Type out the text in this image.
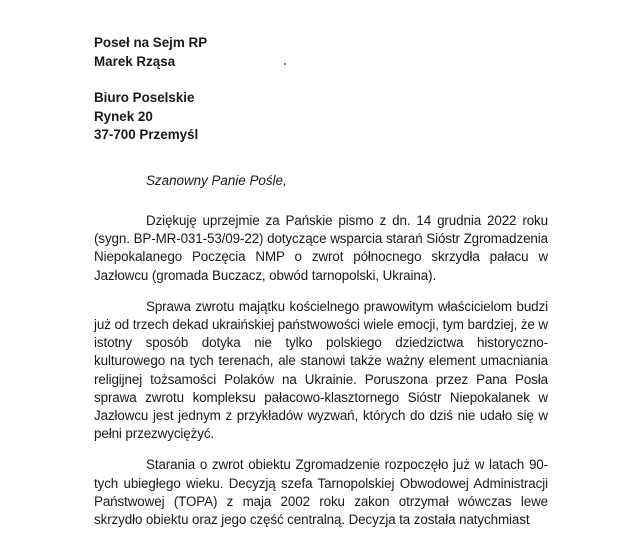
Poseł na Sejm RP
Marek Rząsa
Biuro Poselskie
Rynek 20
37-700 Przemyśl
Szanowny Panie Pośle,

Dziękuję uprzejmie za Pańskie pismo z dn. 14 grudnia 2022 roku (sygn. BP-MR-031-53/09-22) dotyczące wsparcia starań Sióstr Zgromadzenia Niepokalanego Poczęcia NMP o zwrot północnego skrzydła pałacu w Jazłowcu (gromada Buczacz, obwód tarnopolski, Ukraina).

Sprawa zwrotu majątku kościelnego prawowitym właścicielom budzi już od trzech dekad ukraińskiej państwowości wiele emocji, tym bardziej, że w istotny sposób dotyka nie tylko polskiego dziedzictwa historyczno-kulturowego na tych terenach, ale stanowi także ważny element umacniania religijnej tożsamości Polaków na Ukrainie. Poruszona przez Pana Posła sprawa zwrotu kompleksu pałacowo-klasztornego Sióstr Niepokalanek w Jazłowcu jest jednym z przykładów wyzwań, których do dziś nie udało się w pełni przezwyciężyć.

Starania o zwrot obiektu Zgromadzenie rozpoczęło już w latach 90-tych ubiegłego wieku. Decyzją szefa Tarnopolskiej Obwodowej Administracji Państwowej (TOPA) z maja 2002 roku zakon otrzymał wówczas lewe skrzydło obiektu oraz jego część centralną. Decyzja ta została natychmiast
